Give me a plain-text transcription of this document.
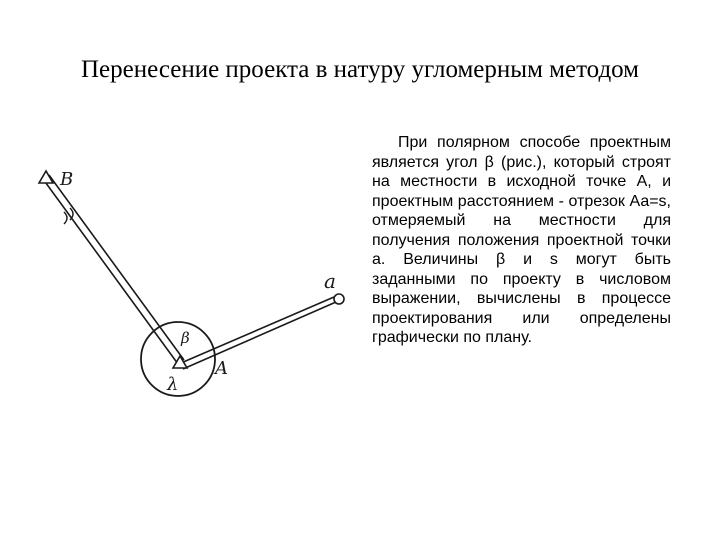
Перенесение проекта в натуру угломерным методом
B
a
β
A
λ

При полярном способе проектным является угол β (рис.), который строят на местности в исходной точке А, и проектным расстоянием - отрезок Аа=s, отмеряемый на местности для получения положения проектной точки а. Величины β и s могут быть заданными по проекту в числовом выражении, вычислены в процессе проектирования или определены графически по плану.
